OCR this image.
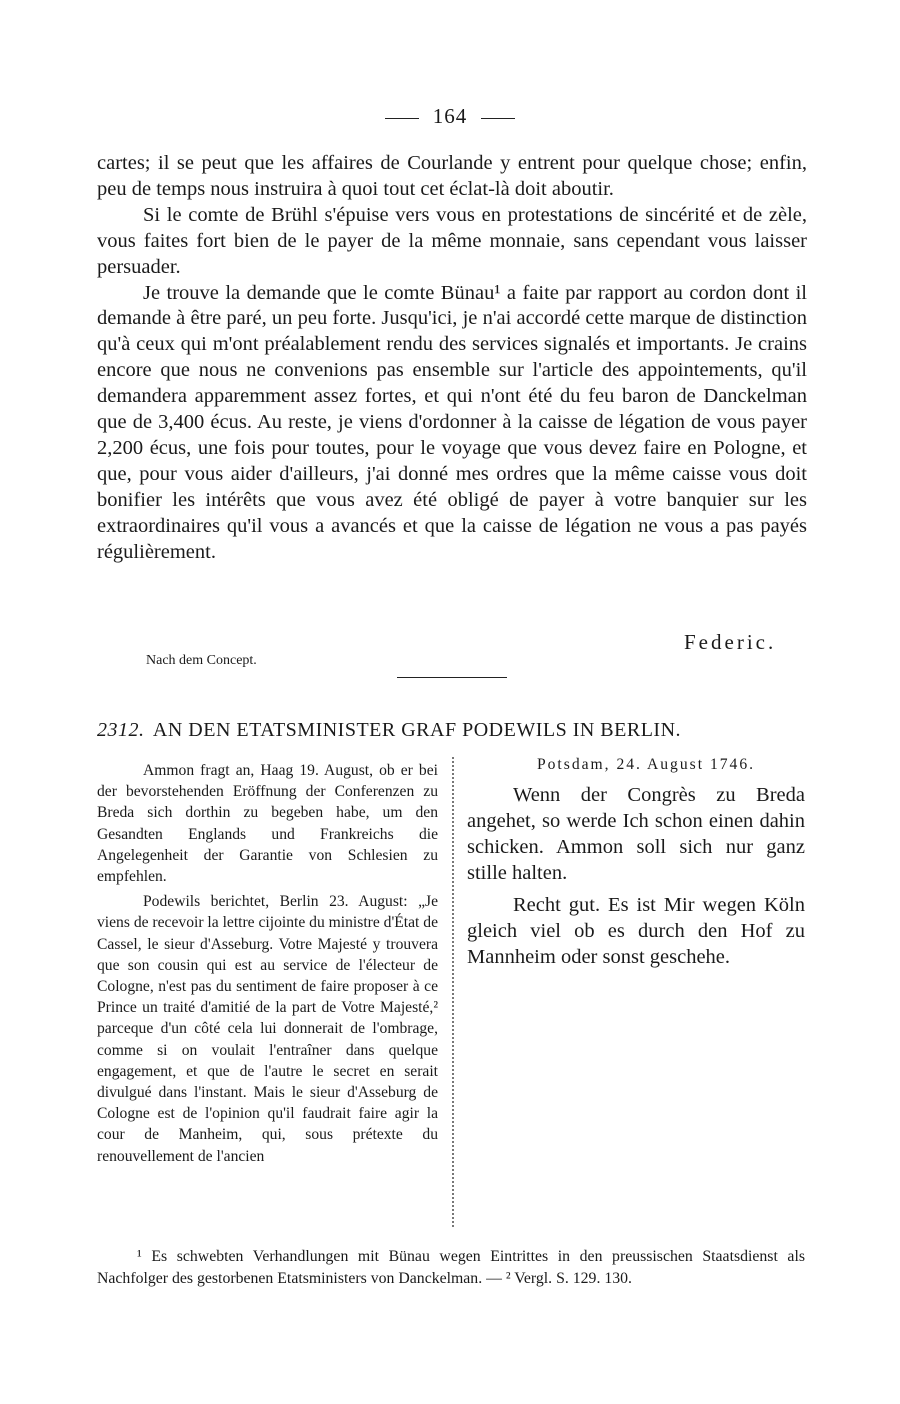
164

cartes; il se peut que les affaires de Courlande y entrent pour quelque chose; enfin, peu de temps nous instruira à quoi tout cet éclat-là doit aboutir.

Si le comte de Brühl s'épuise vers vous en protestations de sincérité et de zèle, vous faites fort bien de le payer de la même monnaie, sans cependant vous laisser persuader.

Je trouve la demande que le comte Bünau¹ a faite par rapport au cordon dont il demande à être paré, un peu forte. Jusqu'ici, je n'ai accordé cette marque de distinction qu'à ceux qui m'ont préalablement rendu des services signalés et importants. Je crains encore que nous ne convenions pas ensemble sur l'article des appointements, qu'il demandera apparemment assez fortes, et qui n'ont été du feu baron de Danckelman que de 3,400 écus. Au reste, je viens d'ordonner à la caisse de légation de vous payer 2,200 écus, une fois pour toutes, pour le voyage que vous devez faire en Pologne, et que, pour vous aider d'ailleurs, j'ai donné mes ordres que la même caisse vous doit bonifier les intérêts que vous avez été obligé de payer à votre banquier sur les extraordinaires qu'il vous a avancés et que la caisse de légation ne vous a pas payés régulièrement.

Federic.
Nach dem Concept.
2312. AN DEN ETATSMINISTER GRAF PODEWILS IN BERLIN.

Ammon fragt an, Haag 19. August, ob er bei der bevorstehenden Eröffnung der Conferenzen zu Breda sich dorthin zu begeben habe, um den Gesandten Englands und Frankreichs die Angelegenheit der Garantie von Schlesien zu empfehlen.

Podewils berichtet, Berlin 23. August: „Je viens de recevoir la lettre cijointe du ministre d'État de Cassel, le sieur d'Asseburg. Votre Majesté y trouvera que son cousin qui est au service de l'électeur de Cologne, n'est pas du sentiment de faire proposer à ce Prince un traité d'amitié de la part de Votre Majesté,² parceque d'un côté cela lui donnerait de l'ombrage, comme si on voulait l'entraîner dans quelque engagement, et que de l'autre le secret en serait divulgué dans l'instant. Mais le sieur d'Asseburg de Cologne est de l'opinion qu'il faudrait faire agir la cour de Manheim, qui, sous prétexte du renouvellement de l'ancien

Potsdam, 24. August 1746.

Wenn der Congrès zu Breda angehet, so werde Ich schon einen dahin schicken. Ammon soll sich nur ganz stille halten.

Recht gut. Es ist Mir wegen Köln gleich viel ob es durch den Hof zu Mannheim oder sonst geschehe.

¹ Es schwebten Verhandlungen mit Bünau wegen Eintrittes in den preussischen Staatsdienst als Nachfolger des gestorbenen Etatsministers von Danckelman. — ² Vergl. S. 129. 130.
